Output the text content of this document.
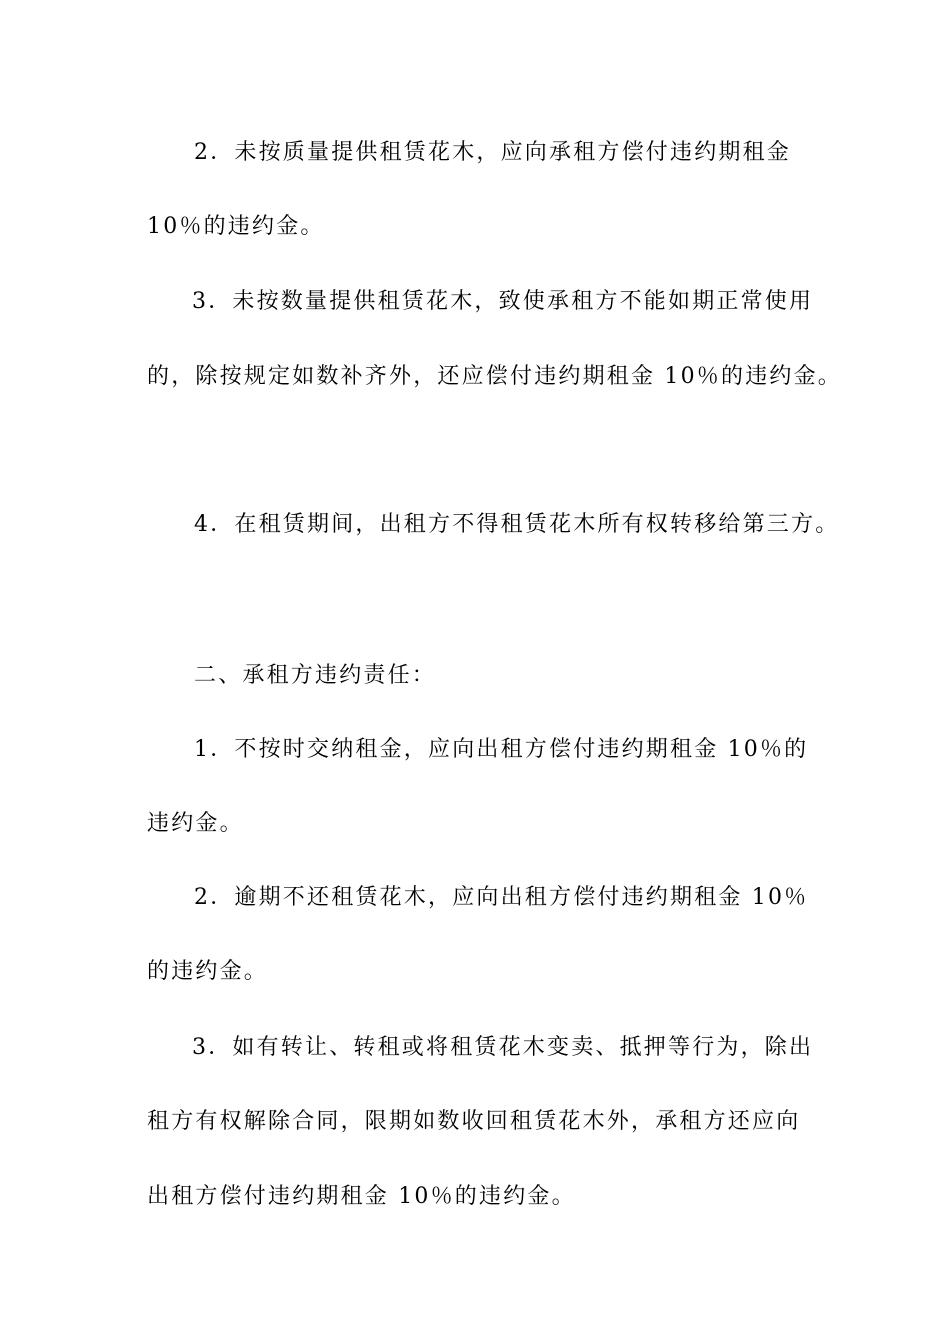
2．未按质量提供租赁花木，应向承租方偿付违约期租金
10％的违约金。
3．未按数量提供租赁花木，致使承租方不能如期正常使用
的，除按规定如数补齐外，还应偿付违约期租金 10％的违约金。
4．在租赁期间，出租方不得租赁花木所有权转移给第三方。
二、承租方违约责任：
1．不按时交纳租金，应向出租方偿付违约期租金 10％的
违约金。
2．逾期不还租赁花木，应向出租方偿付违约期租金 10％
的违约金。
3．如有转让、转租或将租赁花木变卖、抵押等行为，除出
租方有权解除合同，限期如数收回租赁花木外，承租方还应向
出租方偿付违约期租金 10％的违约金。
